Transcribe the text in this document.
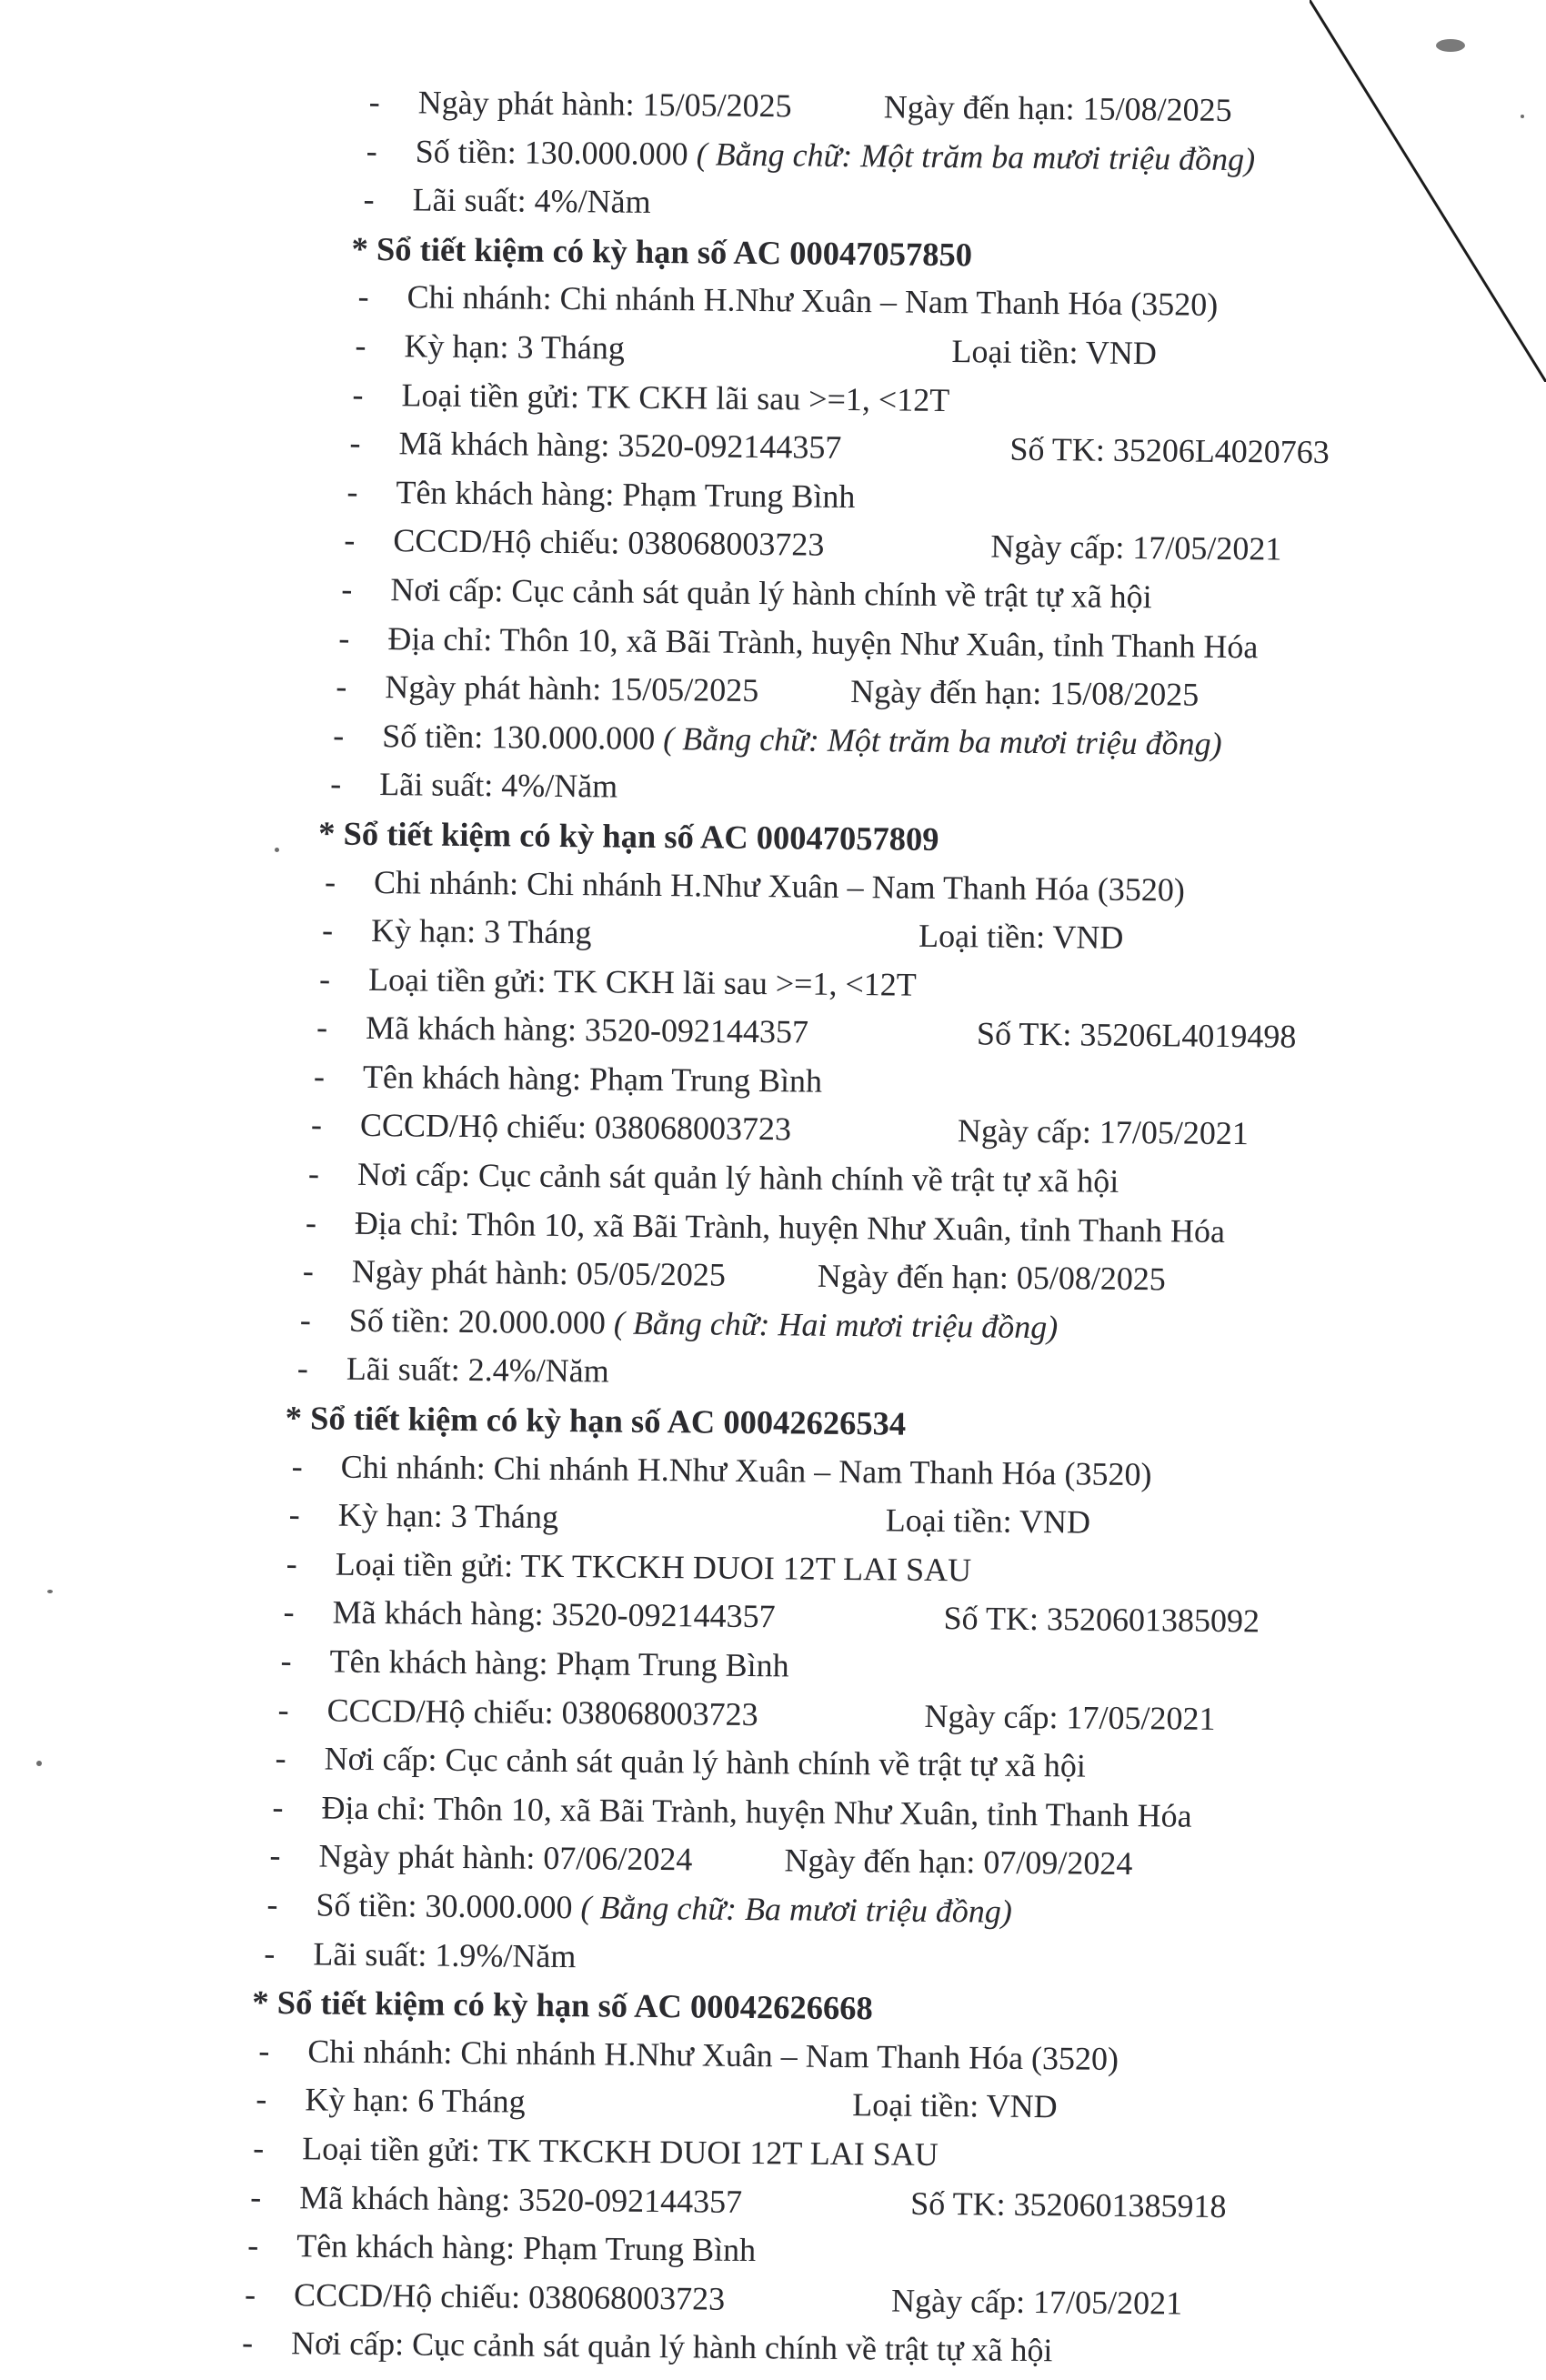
- Ngày phát hành: 15/05/2025	Ngày đến hạn: 15/08/2025
- Số tiền: 130.000.000 ( Bằng chữ: Một trăm ba mươi triệu đồng)
- Lãi suất: 4%/Năm
* Sổ tiết kiệm có kỳ hạn số AC 00047057850
- Chi nhánh: Chi nhánh H.Như Xuân – Nam Thanh Hóa (3520)
- Kỳ hạn: 3 Tháng	Loại tiền: VND
- Loại tiền gửi: TK CKH lãi sau >=1, <12T
- Mã khách hàng: 3520-092144357	Số TK: 35206L4020763
- Tên khách hàng: Phạm Trung Bình
- CCCD/Hộ chiếu: 038068003723	Ngày cấp: 17/05/2021
- Nơi cấp: Cục cảnh sát quản lý hành chính về trật tự xã hội
- Địa chỉ: Thôn 10, xã Bãi Trành, huyện Như Xuân, tỉnh Thanh Hóa
- Ngày phát hành: 15/05/2025	Ngày đến hạn: 15/08/2025
- Số tiền: 130.000.000 ( Bằng chữ: Một trăm ba mươi triệu đồng)
- Lãi suất: 4%/Năm
* Sổ tiết kiệm có kỳ hạn số AC 00047057809
- Chi nhánh: Chi nhánh H.Như Xuân – Nam Thanh Hóa (3520)
- Kỳ hạn: 3 Tháng	Loại tiền: VND
- Loại tiền gửi: TK CKH lãi sau >=1, <12T
- Mã khách hàng: 3520-092144357	Số TK: 35206L4019498
- Tên khách hàng: Phạm Trung Bình
- CCCD/Hộ chiếu: 038068003723	Ngày cấp: 17/05/2021
- Nơi cấp: Cục cảnh sát quản lý hành chính về trật tự xã hội
- Địa chỉ: Thôn 10, xã Bãi Trành, huyện Như Xuân, tỉnh Thanh Hóa
- Ngày phát hành: 05/05/2025	Ngày đến hạn: 05/08/2025
- Số tiền: 20.000.000 ( Bằng chữ: Hai mươi triệu đồng)
- Lãi suất: 2.4%/Năm
* Sổ tiết kiệm có kỳ hạn số AC 00042626534
- Chi nhánh: Chi nhánh H.Như Xuân – Nam Thanh Hóa (3520)
- Kỳ hạn: 3 Tháng	Loại tiền: VND
- Loại tiền gửi: TK TKCKH DUOI 12T LAI SAU
- Mã khách hàng: 3520-092144357	Số TK: 3520601385092
- Tên khách hàng: Phạm Trung Bình
- CCCD/Hộ chiếu: 038068003723	Ngày cấp: 17/05/2021
- Nơi cấp: Cục cảnh sát quản lý hành chính về trật tự xã hội
- Địa chỉ: Thôn 10, xã Bãi Trành, huyện Như Xuân, tỉnh Thanh Hóa
- Ngày phát hành: 07/06/2024	Ngày đến hạn: 07/09/2024
- Số tiền: 30.000.000 ( Bằng chữ: Ba mươi triệu đồng)
- Lãi suất: 1.9%/Năm
* Sổ tiết kiệm có kỳ hạn số AC 00042626668
- Chi nhánh: Chi nhánh H.Như Xuân – Nam Thanh Hóa (3520)
- Kỳ hạn: 6 Tháng	Loại tiền: VND
- Loại tiền gửi: TK TKCKH DUOI 12T LAI SAU
- Mã khách hàng: 3520-092144357	Số TK: 3520601385918
- Tên khách hàng: Phạm Trung Bình
- CCCD/Hộ chiếu: 038068003723	Ngày cấp: 17/05/2021
- Nơi cấp: Cục cảnh sát quản lý hành chính về trật tự xã hội
